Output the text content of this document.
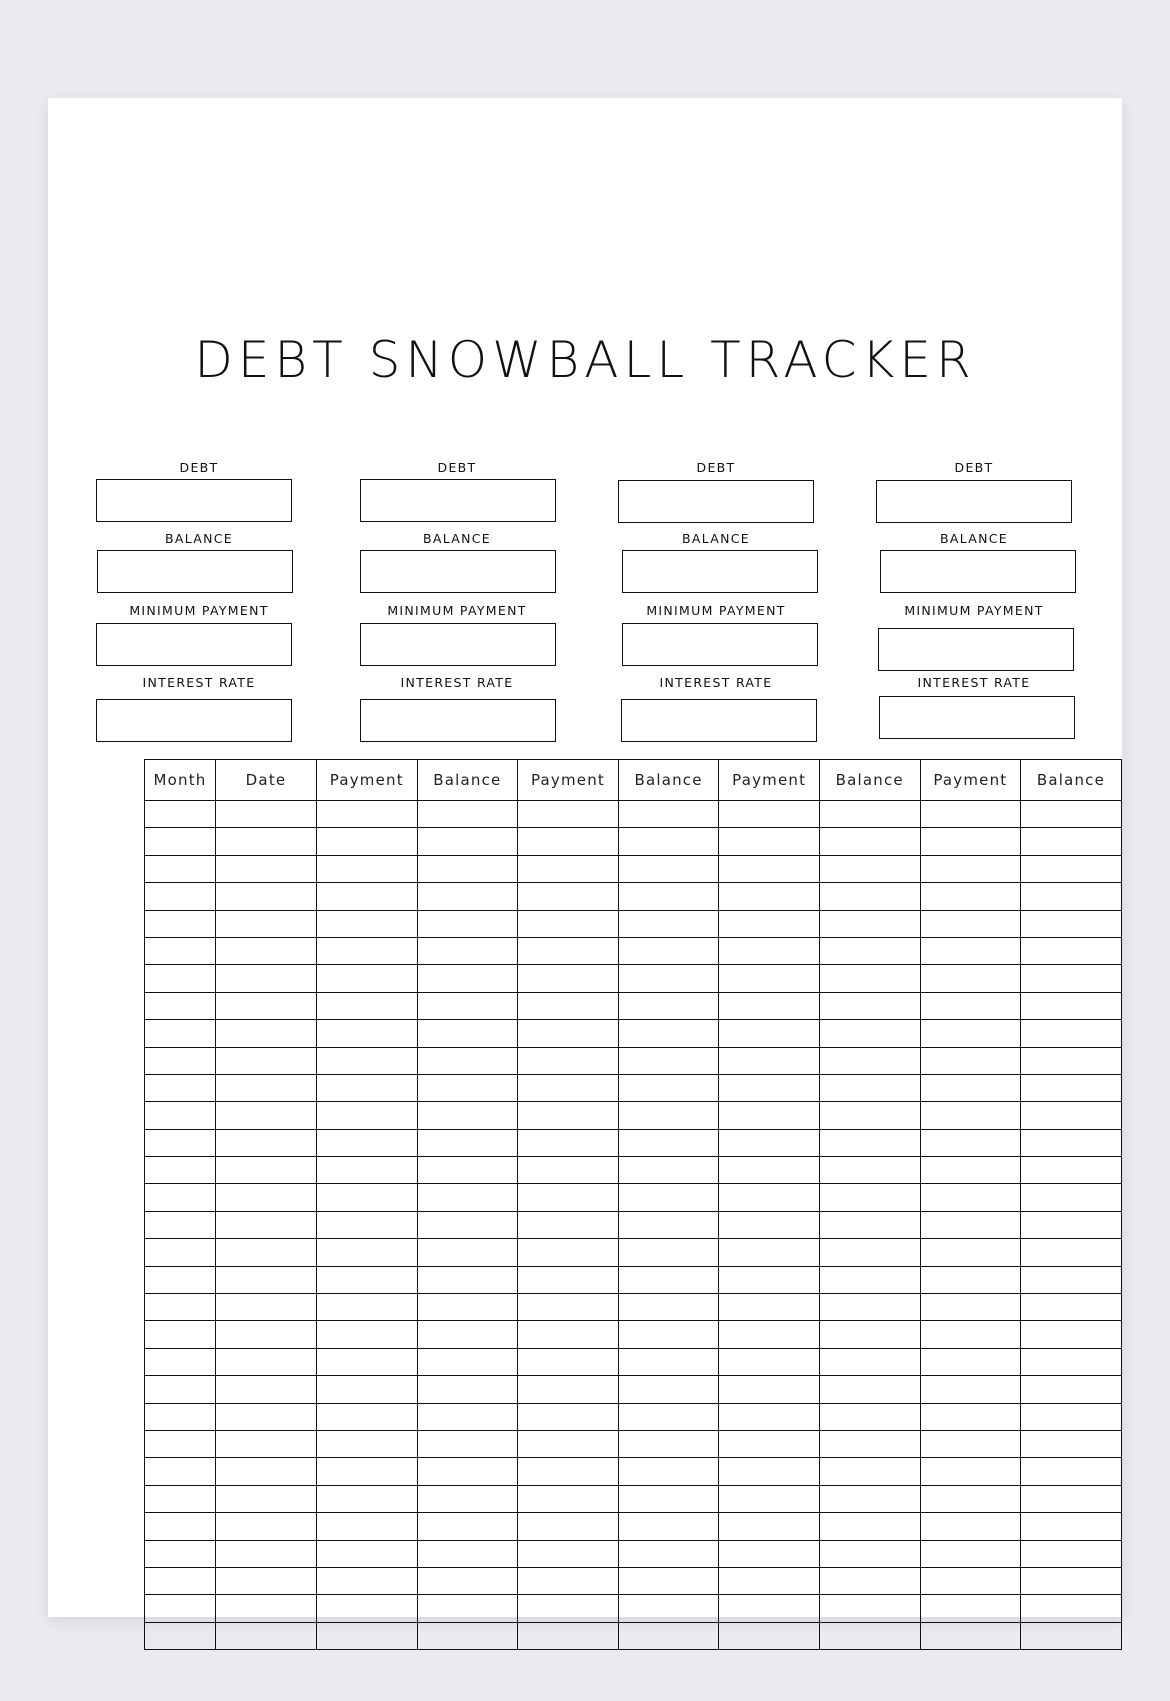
DEBT SNOWBALL TRACKER
DEBT	DEBT	DEBT	DEBT
BALANCE	BALANCE	BALANCE	BALANCE
MINIMUM PAYMENT	MINIMUM PAYMENT	MINIMUM PAYMENT	MINIMUM PAYMENT
INTEREST RATE	INTEREST RATE	INTEREST RATE	INTEREST RATE
Month	Date	Payment	Balance	Payment	Balance	Payment	Balance	Payment	Balance
